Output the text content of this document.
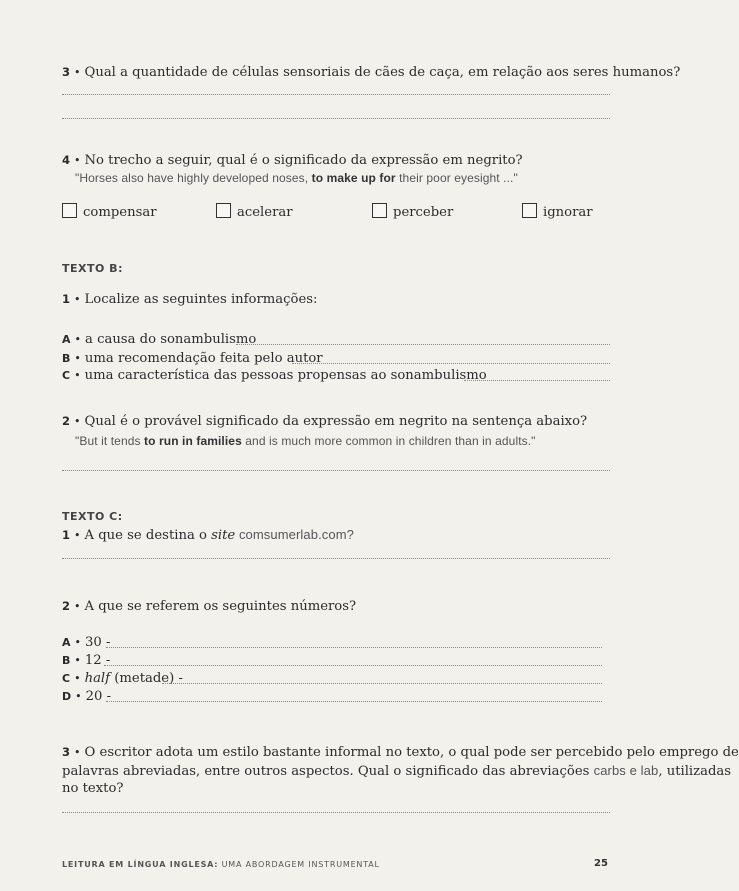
3 • Qual a quantidade de células sensoriais de cães de caça, em relação aos seres humanos?
4 • No trecho a seguir, qual é o significado da expressão em negrito?
"Horses also have highly developed noses, to make up for their poor eyesight ..."
compensar	acelerar	perceber	ignorar
TEXTO B:
1 • Localize as seguintes informações:
A • a causa do sonambulismo
B • uma recomendação feita pelo autor
C • uma característica das pessoas propensas ao sonambulismo
2 • Qual é o provável significado da expressão em negrito na sentença abaixo?
"But it tends to run in families and is much more common in children than in adults."
TEXTO C:
1 • A que se destina o site comsumerlab.com?
2 • A que se referem os seguintes números?
A • 30 -
B • 12 -
C • half (metade) -
D • 20 -
3 • O escritor adota um estilo bastante informal no texto, o qual pode ser percebido pelo emprego de
palavras abreviadas, entre outros aspectos. Qual o significado das abreviações carbs e lab, utilizadas
no texto?
LEITURA EM LÍNGUA INGLESA: UMA ABORDAGEM INSTRUMENTAL	25
